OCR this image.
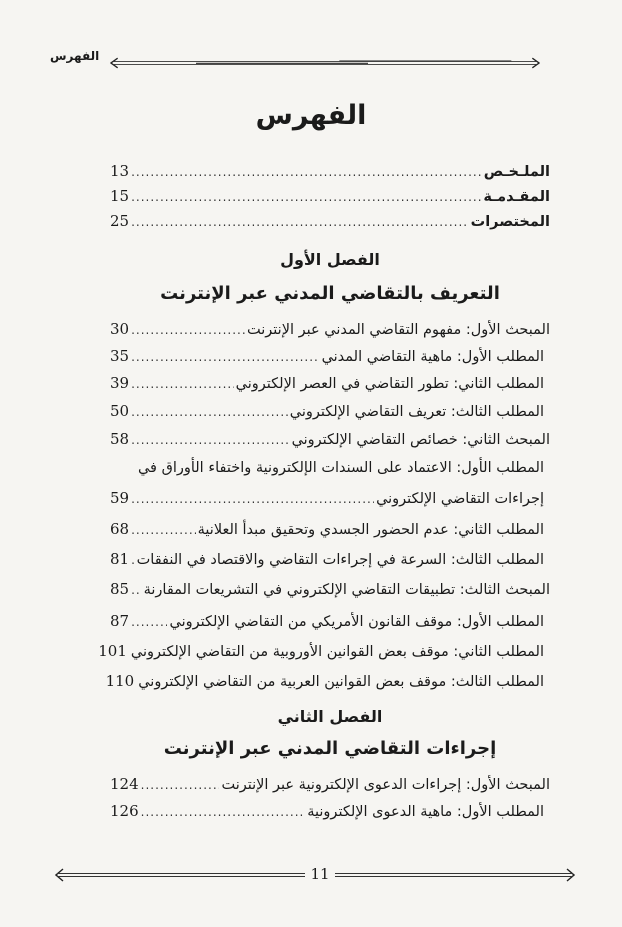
الفهرس
الفهرس
الملـخـص
.....
13
المقـدمـة
.....
15
المختصرات
.....
25
الفصل الأول
التعريف بالتقاضي المدني عبر الإنترنت
المبحث الأول: مفهوم التقاضي المدني عبر الإنترنت
.....
30
المطلب الأول: ماهية التقاضي المدني
.....
35
المطلب الثاني: تطور التقاضي في العصر الإلكتروني
.....
39
المطلب الثالث: تعريف التقاضي الإلكتروني
.....
50
المبحث الثاني: خصائص التقاضي الإلكتروني
.....
58
المطلب الأول: الاعتماد على السندات الإلكترونية واختفاء الأوراق في
إجراءات التقاضي الإلكتروني
.....
59
المطلب الثاني: عدم الحضور الجسدي وتحقيق مبدأ العلانية
.....
68
المطلب الثالث: السرعة في إجراءات التقاضي والاقتصاد في النفقات
.....
81
المبحث الثالث: تطبيقات التقاضي الإلكتروني في التشريعات المقارنة
.....
85
المطلب الأول: موقف القانون الأمريكي من التقاضي الإلكتروني
.....
87
المطلب الثاني: موقف بعض القوانين الأوروبية من التقاضي الإلكتروني
101
المطلب الثالث: موقف بعض القوانين العربية من التقاضي الإلكتروني
110
الفصل الثاني
إجراءات التقاضي المدني عبر الإنترنت
المبحث الأول: إجراءات الدعوى الإلكترونية عبر الإنترنت
.....
124
المطلب الأول: ماهية الدعوى الإلكترونية
.....
126
11
